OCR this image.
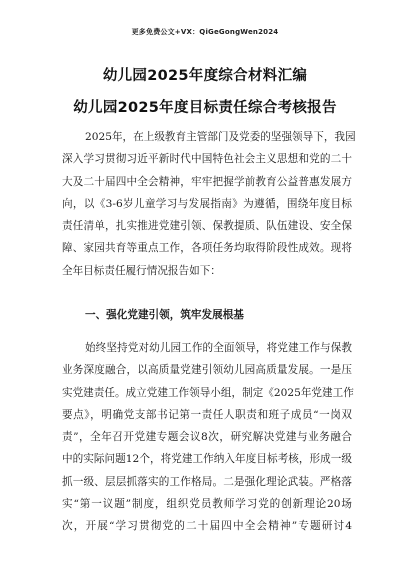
更多免费公文+VX：QiGeGongWen2024
幼儿园2025年度综合材料汇编
幼儿园2025年度目标责任综合考核报告
2025年，在上级教育主管部门及党委的坚强领导下，我园
深入学习贯彻习近平新时代中国特色社会主义思想和党的二十
大及二十届四中全会精神，牢牢把握学前教育公益普惠发展方
向，以《3-6岁儿童学习与发展指南》为遵循，围绕年度目标
责任清单，扎实推进党建引领、保教提质、队伍建设、安全保
障、家园共育等重点工作，各项任务均取得阶段性成效。现将
全年目标责任履行情况报告如下：
一、强化党建引领，筑牢发展根基
始终坚持党对幼儿园工作的全面领导，将党建工作与保教
业务深度融合，以高质量党建引领幼儿园高质量发展。一是压
实党建责任。成立党建工作领导小组，制定《2025年党建工作
要点》，明确党支部书记第一责任人职责和班子成员“一岗双
责”，全年召开党建专题会议8次，研究解决党建与业务融合
中的实际问题12个，将党建工作纳入年度目标考核，形成一级
抓一级、层层抓落实的工作格局。二是强化理论武装。严格落
实“第一议题”制度，组织党员教师学习党的创新理论20场
次，开展“学习贯彻党的二十届四中全会精神”专题研讨4
